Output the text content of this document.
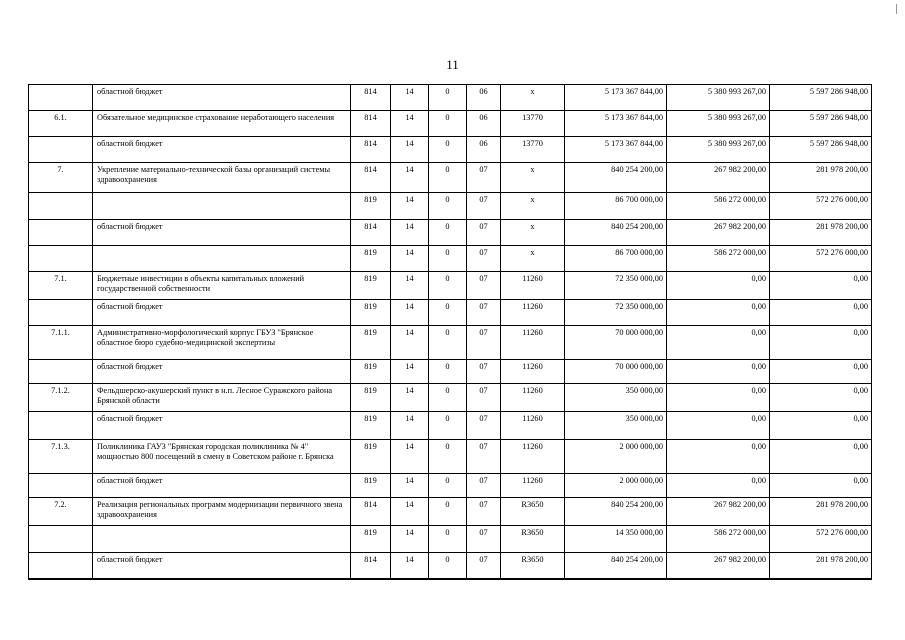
11
	областной бюджет	814	14	0	06	x	5 173 367 844,00	5 380 993 267,00	5 597 286 948,00
6.1.	Обязательное медицинское страхование неработающего населения	814	14	0	06	13770	5 173 367 844,00	5 380 993 267,00	5 597 286 948,00
	областной бюджет	814	14	0	06	13770	5 173 367 844,00	5 380 993 267,00	5 597 286 948,00
7.	Укрепление материально-технической базы организаций системы здравоохранения	814	14	0	07	x	840 254 200,00	267 982 200,00	281 978 200,00
		819	14	0	07	x	86 700 000,00	586 272 000,00	572 276 000,00
	областной бюджет	814	14	0	07	x	840 254 200,00	267 982 200,00	281 978 200,00
		819	14	0	07	x	86 700 000,00	586 272 000,00	572 276 000,00
7.1.	Бюджетные инвестиции в объекты капитальных вложений государственной собственности	819	14	0	07	11260	72 350 000,00	0,00	0,00
	областной бюджет	819	14	0	07	11260	72 350 000,00	0,00	0,00
7.1.1.	Административно-морфологический корпус ГБУЗ "Брянское областное бюро судебно-медицинской экспертизы	819	14	0	07	11260	70 000 000,00	0,00	0,00
	областной бюджет	819	14	0	07	11260	70 000 000,00	0,00	0,00
7.1.2.	Фельдшерско-акушерский пункт в н.п. Лесное Суражского района Брянской области	819	14	0	07	11260	350 000,00	0,00	0,00
	областной бюджет	819	14	0	07	11260	350 000,00	0,00	0,00
7.1.3.	Поликлиника ГАУЗ "Брянская городская поликлиника № 4" мощностью 800 посещений в смену в Советском районе г. Брянска	819	14	0	07	11260	2 000 000,00	0,00	0,00
	областной бюджет	819	14	0	07	11260	2 000 000,00	0,00	0,00
7.2.	Реализация региональных программ модернизации первичного звена здравоохранения	814	14	0	07	R3650	840 254 200,00	267 982 200,00	281 978 200,00
		819	14	0	07	R3650	14 350 000,00	586 272 000,00	572 276 000,00
	областной бюджет	814	14	0	07	R3650	840 254 200,00	267 982 200,00	281 978 200,00
